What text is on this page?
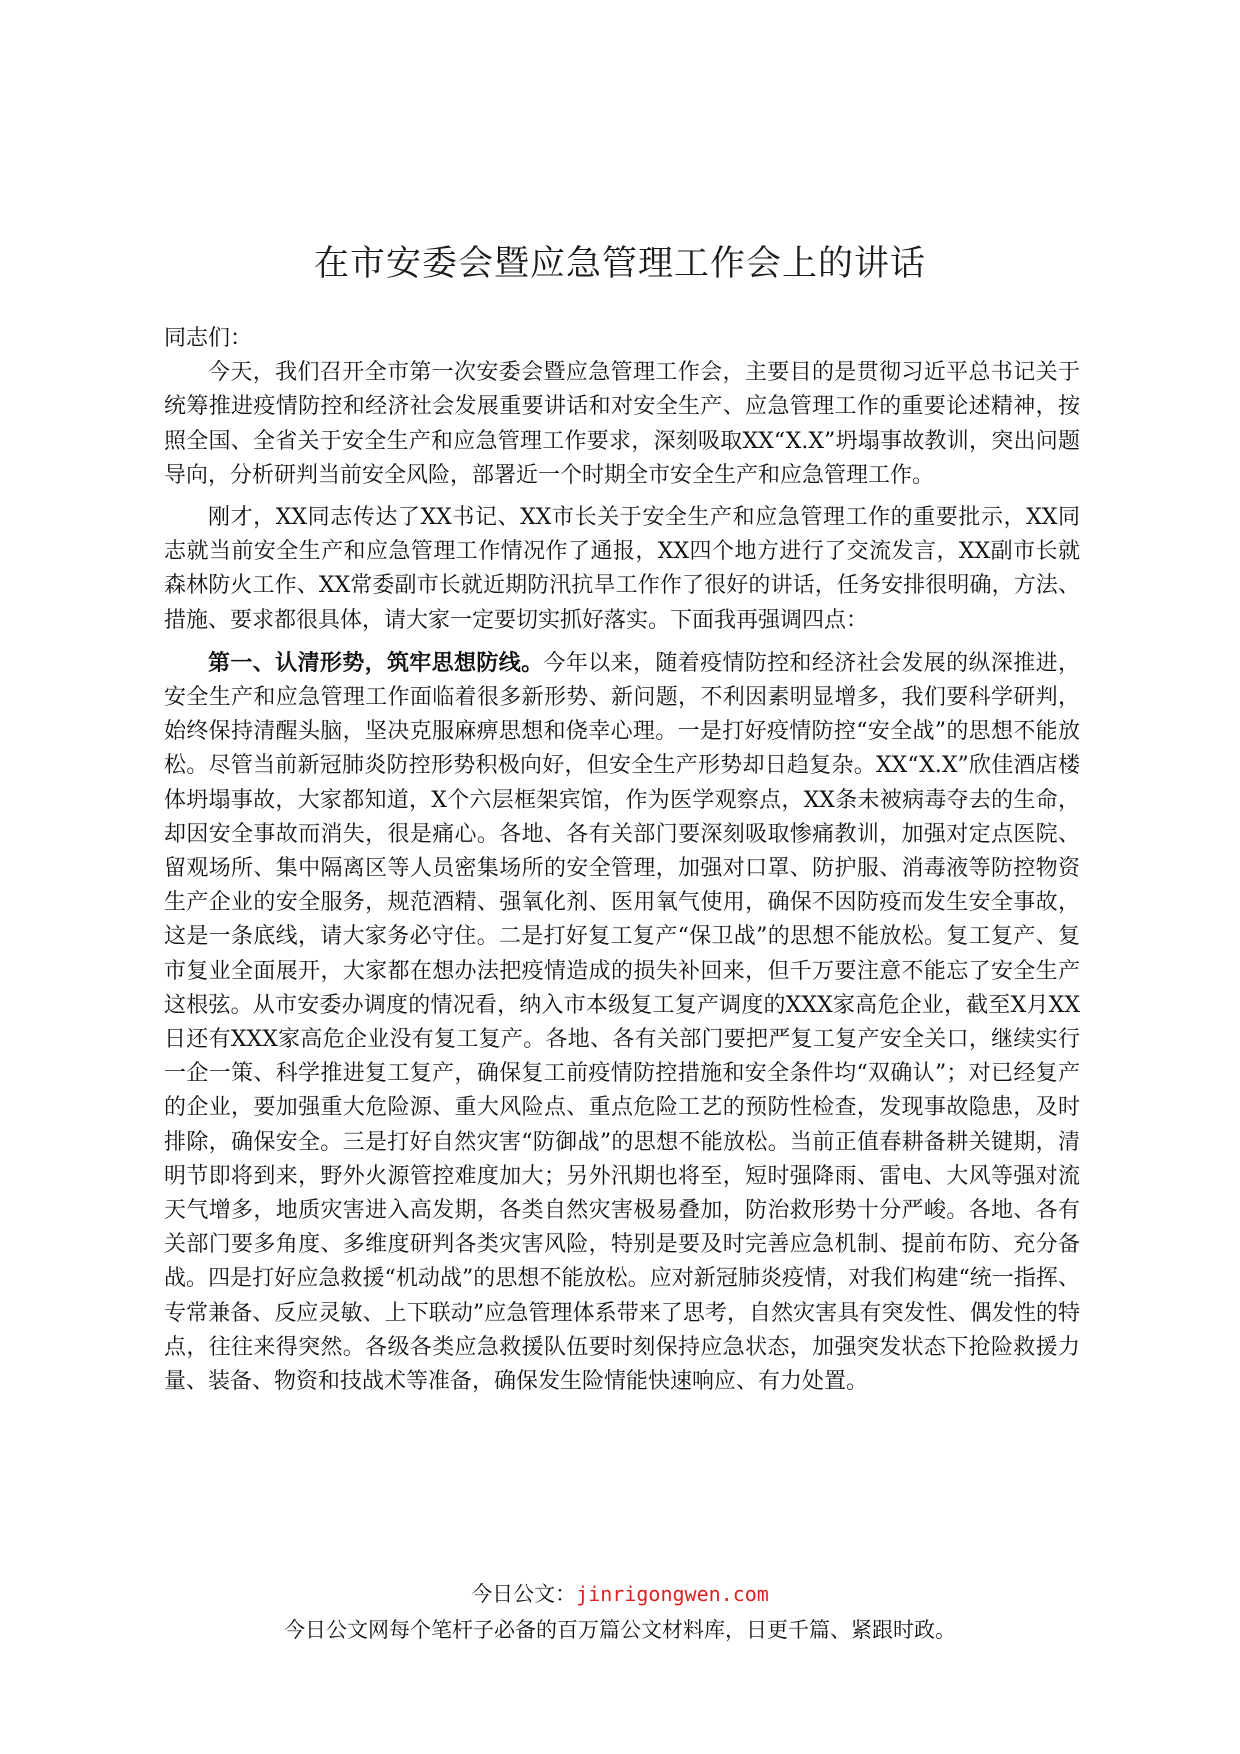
在市安委会暨应急管理工作会上的讲话

同志们：

今天，我们召开全市第一次安委会暨应急管理工作会，主要目的是贯彻习近平总书记关于统筹推进疫情防控和经济社会发展重要讲话和对安全生产、应急管理工作的重要论述精神，按照全国、全省关于安全生产和应急管理工作要求，深刻吸取XX“X.X”坍塌事故教训，突出问题导向，分析研判当前安全风险，部署近一个时期全市安全生产和应急管理工作。

刚才，XX同志传达了XX书记、XX市长关于安全生产和应急管理工作的重要批示，XX同志就当前安全生产和应急管理工作情况作了通报，XX四个地方进行了交流发言，XX副市长就森林防火工作、XX常委副市长就近期防汛抗旱工作作了很好的讲话，任务安排很明确，方法、措施、要求都很具体，请大家一定要切实抓好落实。下面我再强调四点：

第一、认清形势，筑牢思想防线。今年以来，随着疫情防控和经济社会发展的纵深推进，安全生产和应急管理工作面临着很多新形势、新问题，不利因素明显增多，我们要科学研判，始终保持清醒头脑，坚决克服麻痹思想和侥幸心理。一是打好疫情防控“安全战”的思想不能放松。尽管当前新冠肺炎防控形势积极向好，但安全生产形势却日趋复杂。XX“X.X”欣佳酒店楼体坍塌事故，大家都知道，X个六层框架宾馆，作为医学观察点，XX条未被病毒夺去的生命，却因安全事故而消失，很是痛心。各地、各有关部门要深刻吸取惨痛教训，加强对定点医院、留观场所、集中隔离区等人员密集场所的安全管理，加强对口罩、防护服、消毒液等防控物资生产企业的安全服务，规范酒精、强氧化剂、医用氧气使用，确保不因防疫而发生安全事故，这是一条底线，请大家务必守住。二是打好复工复产“保卫战”的思想不能放松。复工复产、复市复业全面展开，大家都在想办法把疫情造成的损失补回来，但千万要注意不能忘了安全生产这根弦。从市安委办调度的情况看，纳入市本级复工复产调度的XXX家高危企业，截至X月XX日还有XXX家高危企业没有复工复产。各地、各有关部门要把严复工复产安全关口，继续实行一企一策、科学推进复工复产，确保复工前疫情防控措施和安全条件均“双确认”；对已经复产的企业，要加强重大危险源、重大风险点、重点危险工艺的预防性检查，发现事故隐患，及时排除，确保安全。三是打好自然灾害“防御战”的思想不能放松。当前正值春耕备耕关键期，清明节即将到来，野外火源管控难度加大；另外汛期也将至，短时强降雨、雷电、大风等强对流天气增多，地质灾害进入高发期，各类自然灾害极易叠加，防治救形势十分严峻。各地、各有关部门要多角度、多维度研判各类灾害风险，特别是要及时完善应急机制、提前布防、充分备战。四是打好应急救援“机动战”的思想不能放松。应对新冠肺炎疫情，对我们构建“统一指挥、专常兼备、反应灵敏、上下联动”应急管理体系带来了思考，自然灾害具有突发性、偶发性的特点，往往来得突然。各级各类应急救援队伍要时刻保持应急状态，加强突发状态下抢险救援力量、装备、物资和技战术等准备，确保发生险情能快速响应、有力处置。

今日公文：jinrigongwen.com
今日公文网每个笔杆子必备的百万篇公文材料库，日更千篇、紧跟时政。
